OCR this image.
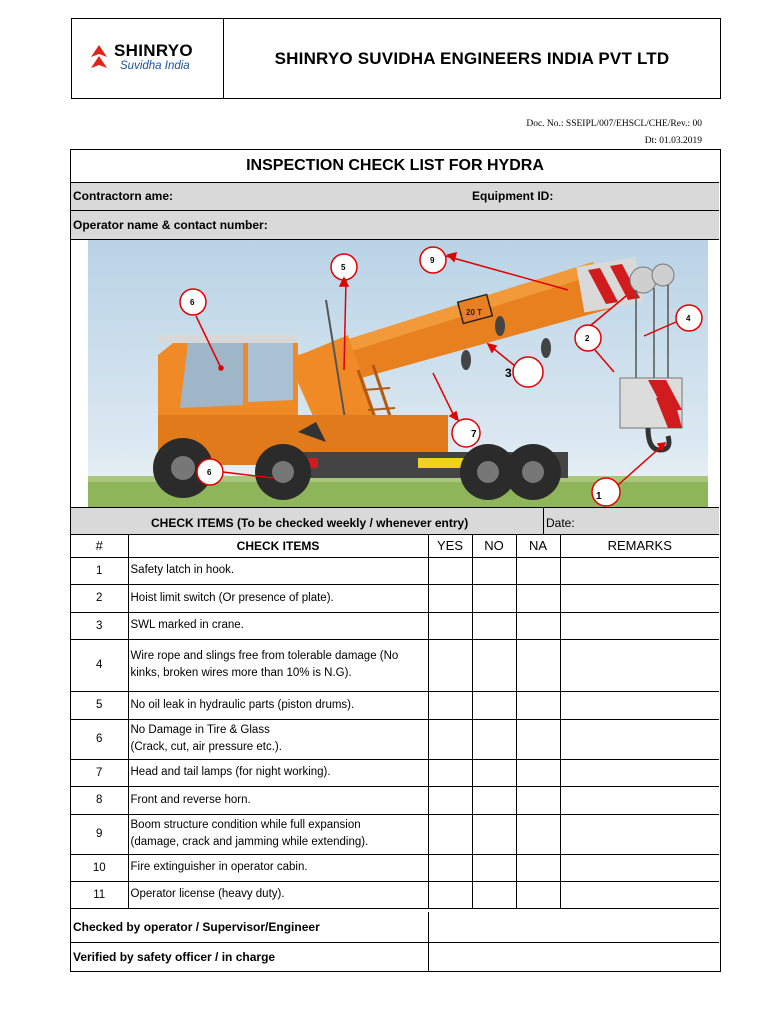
SHINRYO
Suvidha India	SHINRYO SUVIDHA ENGINEERS INDIA PVT LTD
Doc. No.: SSEIPL/007/EHSCL/CHE/Rev.: 00
Dt: 01.03.2019
INSPECTION CHECK LIST FOR HYDRA
Contractorn ame:	Equipment ID:
Operator name & contact number:
20 T
6
5
9
2
4
3
7
6
1
CHECK ITEMS (To be checked weekly / whenever entry)	Date:
#	CHECK ITEMS	YES	NO	NA	REMARKS
1	Safety latch in hook.				

2	Hoist limit switch (Or presence of plate).				

3	SWL marked in crane.				

4	Wire rope and slings free from tolerable damage (No
kinks, broken wires more than 10% is N.G).				

5	No oil leak in hydraulic parts (piston drums).				

6	No Damage in Tire & Glass
(Crack, cut, air pressure etc.).				

7	Head and tail lamps (for night working).				

8	Front and reverse horn.				

9	Boom structure condition while full expansion
(damage, crack and jamming while extending).				

10	Fire extinguisher in operator cabin.				

11	Operator license (heavy duty).				

Checked by operator / Supervisor/Engineer	
Verified by safety officer / in charge	
